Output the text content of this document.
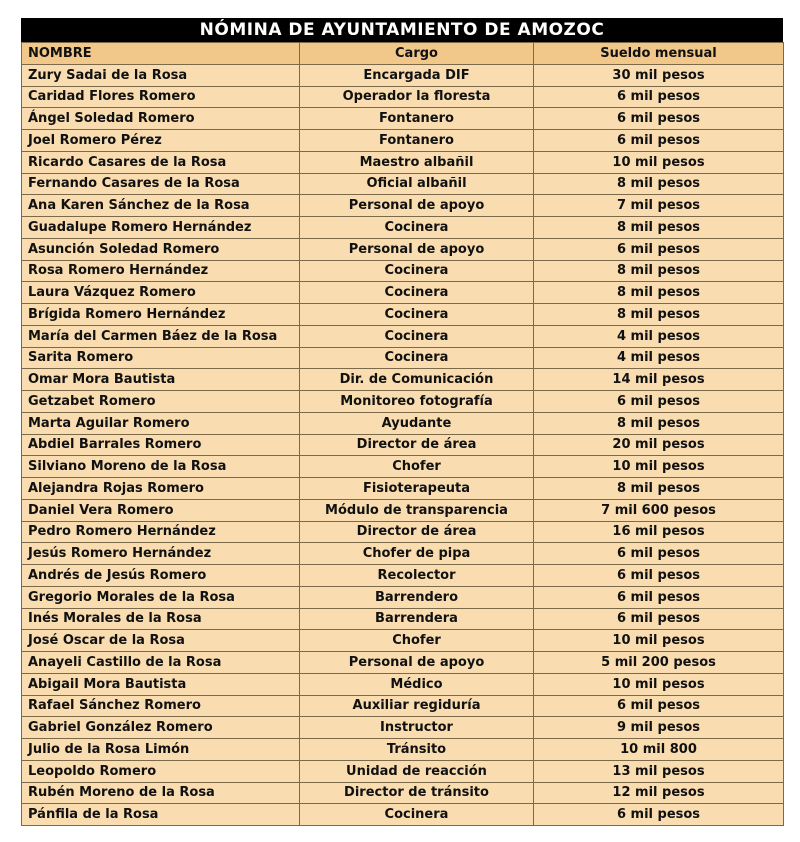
NÓMINA DE AYUNTAMIENTO DE AMOZOC
NOMBRE	Cargo	Sueldo mensual
Zury Sadai de la Rosa	Encargada DIF	30 mil pesos
Caridad Flores Romero	Operador la floresta	6 mil pesos
Ángel Soledad Romero	Fontanero	6 mil pesos
Joel Romero Pérez	Fontanero	6 mil pesos
Ricardo Casares de la Rosa	Maestro albañil	10 mil pesos
Fernando Casares de la Rosa	Oficial albañil	8 mil pesos
Ana Karen Sánchez de la Rosa	Personal de apoyo	7 mil pesos
Guadalupe Romero Hernández	Cocinera	8 mil pesos
Asunción Soledad Romero	Personal de apoyo	6 mil pesos
Rosa Romero Hernández	Cocinera	8 mil pesos
Laura Vázquez Romero	Cocinera	8 mil pesos
Brígida Romero Hernández	Cocinera	8 mil pesos
María del Carmen Báez de la Rosa	Cocinera	4 mil pesos
Sarita Romero	Cocinera	4 mil pesos
Omar Mora Bautista	Dir. de Comunicación	14 mil pesos
Getzabet Romero	Monitoreo fotografía	6 mil pesos
Marta Aguilar Romero	Ayudante	8 mil pesos
Abdiel Barrales Romero	Director de área	20 mil pesos
Silviano Moreno de la Rosa	Chofer	10 mil pesos
Alejandra Rojas Romero	Fisioterapeuta	8 mil pesos
Daniel Vera Romero	Módulo de transparencia	7 mil 600 pesos
Pedro Romero Hernández	Director de área	16 mil pesos
Jesús Romero Hernández	Chofer de pipa	6 mil pesos
Andrés de Jesús Romero	Recolector	6 mil pesos
Gregorio Morales de la Rosa	Barrendero	6 mil pesos
Inés Morales de la Rosa	Barrendera	6 mil pesos
José Oscar de la Rosa	Chofer	10 mil pesos
Anayeli Castillo de la Rosa	Personal de apoyo	5 mil 200 pesos
Abigail Mora Bautista	Médico	10 mil pesos
Rafael Sánchez Romero	Auxiliar regiduría	6 mil pesos
Gabriel González Romero	Instructor	9 mil pesos
Julio de la Rosa Limón	Tránsito	10 mil 800
Leopoldo Romero	Unidad de reacción	13 mil pesos
Rubén Moreno de la Rosa	Director de tránsito	12 mil pesos
Pánfila de la Rosa	Cocinera	6 mil pesos
